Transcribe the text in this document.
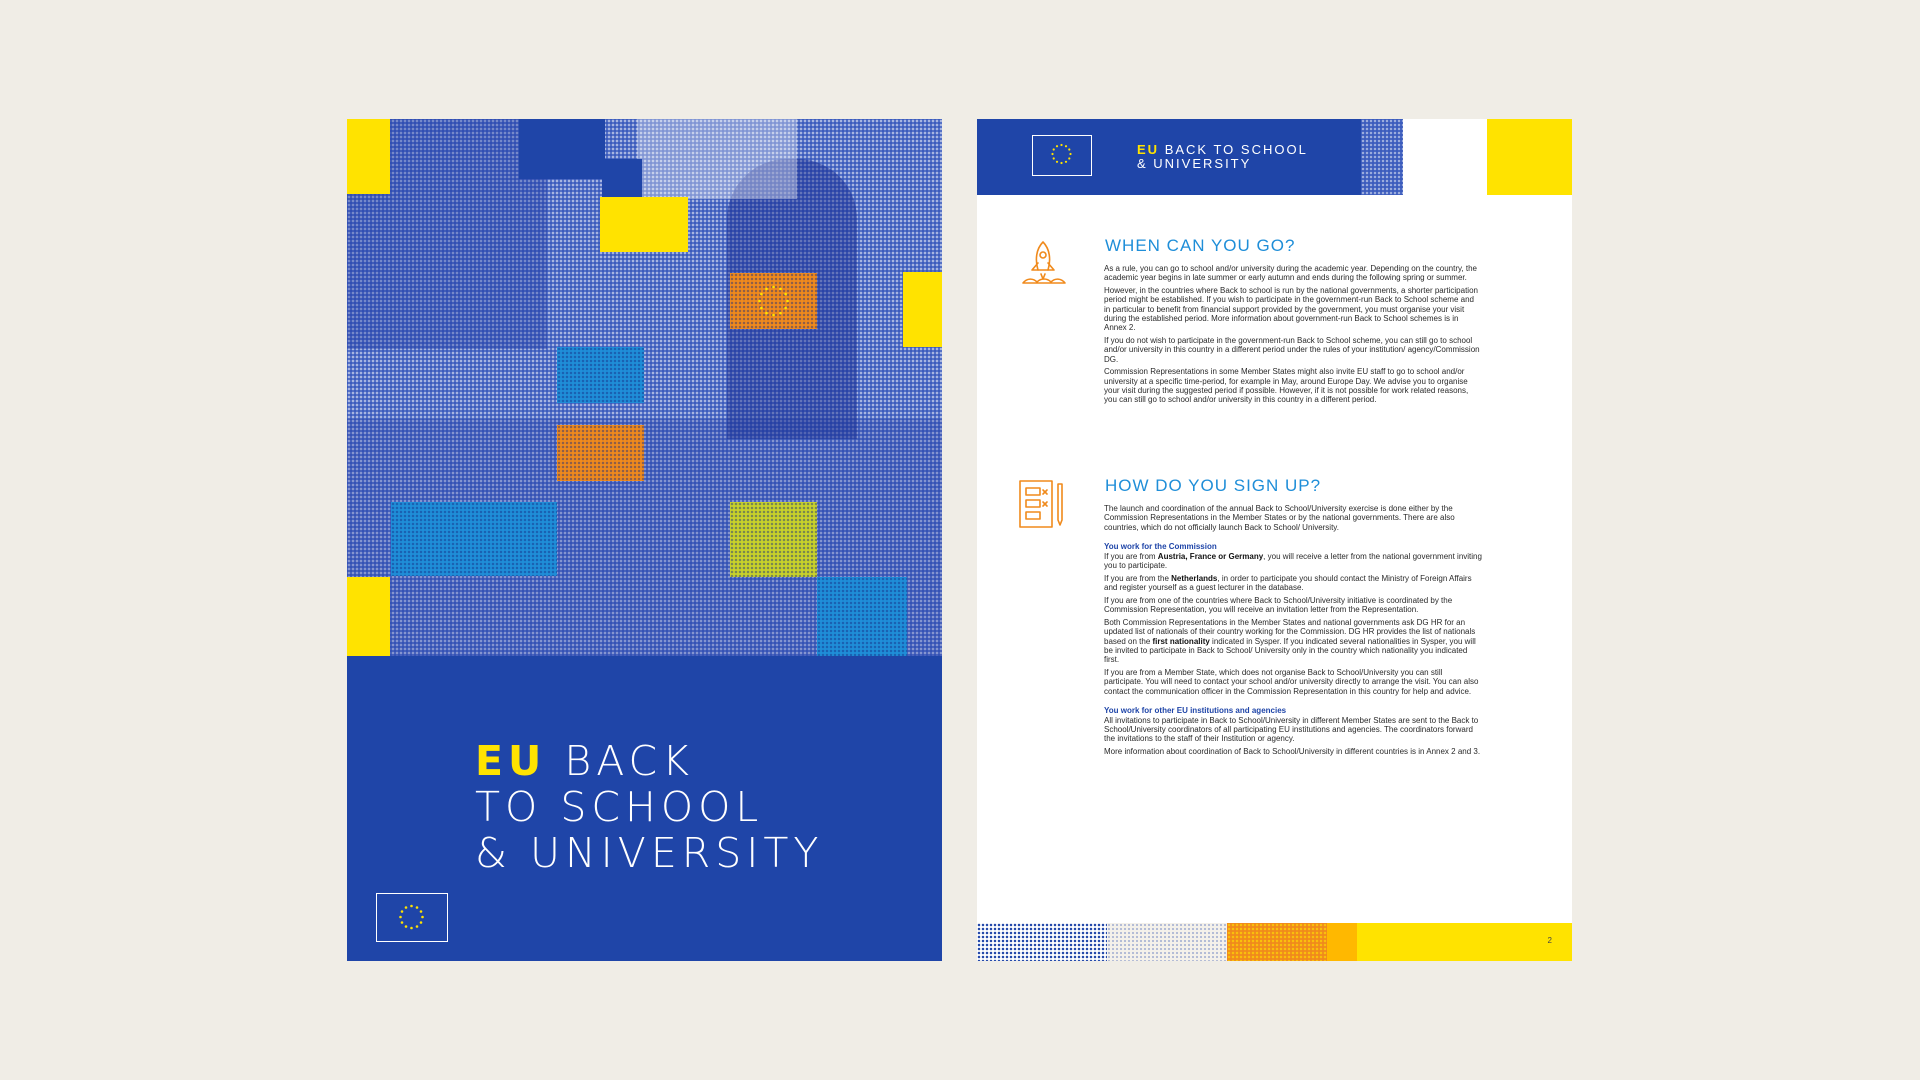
EU BACK
TO SCHOOL
& UNIVERSITY
EU BACK TO SCHOOL
& UNIVERSITY
WHEN CAN YOU GO?

As a rule, you can go to school and/or university during the academic year. Depending on the country, the academic year begins in late summer or early autumn and ends during the following spring or summer.

However, in the countries where Back to school is run by the national governments, a shorter participation period might be established. If you wish to participate in the government-run Back to School scheme and in particular to benefit from financial support provided by the government, you must organise your visit during the established period. More information about government-run Back to School schemes is in Annex 2.

If you do not wish to participate in the government-run Back to School scheme, you can still go to school and/or university in this country in a different period under the rules of your institution/ agency/Commission DG.

Commission Representations in some Member States might also invite EU staff to go to school and/or university at a specific time-period, for example in May, around Europe Day. We advise you to organise your visit during the suggested period if possible. However, if it is not possible for work related reasons, you can still go to school and/or university in this country in a different period.

HOW DO YOU SIGN UP?

The launch and coordination of the annual Back to School/University exercise is done either by the Commission Representations in the Member States or by the national governments. There are also countries, which do not officially launch Back to School/ University.

You work for the Commission

If you are from Austria, France or Germany, you will receive a letter from the national government inviting you to participate.

If you are from the Netherlands, in order to participate you should contact the Ministry of Foreign Affairs and register yourself as a guest lecturer in the database.

If you are from one of the countries where Back to School/University initiative is coordinated by the Commission Representation, you will receive an invitation letter from the Representation.

Both Commission Representations in the Member States and national governments ask DG HR for an updated list of nationals of their country working for the Commission. DG HR provides the list of nationals based on the first nationality indicated in Sysper. If you indicated several nationalities in Sysper, you will be invited to participate in Back to School/ University only in the country which nationality you indicated first.

If you are from a Member State, which does not organise Back to School/University you can still participate. You will need to contact your school and/or university directly to arrange the visit. You can also contact the communication officer in the Commission Representation in this country for help and advice.

You work for other EU institutions and agencies

All invitations to participate in Back to School/University in different Member States are sent to the Back to School/University coordinators of all participating EU institutions and agencies. The coordinators forward the invitations to the staff of their Institution or agency.

More information about coordination of Back to School/University in different countries is in Annex 2 and 3.

2
